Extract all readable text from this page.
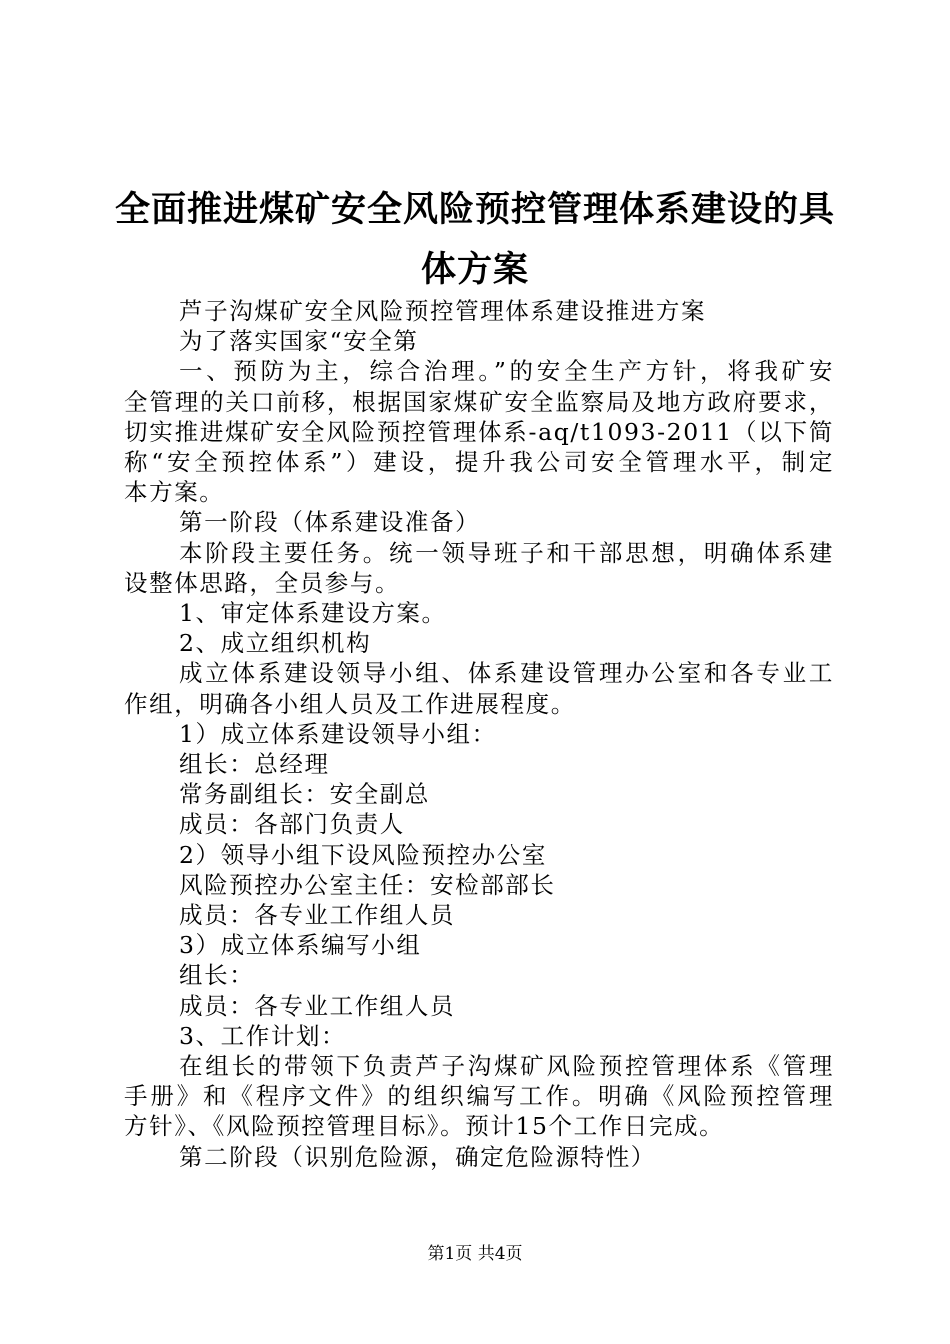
全面推进煤矿安全风险预控管理体系建设的具
体方案

芦子沟煤矿安全风险预控管理体系建设推进方案

为了落实国家“安全第

一、预防为主，综合治理。”的安全生产方针，将我矿安

全管理的关口前移，根据国家煤矿安全监察局及地方政府要求，

切实推进煤矿安全风险预控管理体系-aq/t1093-2011（以下简

称“安全预控体系”）建设，提升我公司安全管理水平，制定

本方案。

第一阶段（体系建设准备）

本阶段主要任务。统一领导班子和干部思想，明确体系建

设整体思路，全员参与。

1、审定体系建设方案。

2、成立组织机构

成立体系建设领导小组、体系建设管理办公室和各专业工

作组，明确各小组人员及工作进展程度。

1）成立体系建设领导小组：

组长：总经理

常务副组长：安全副总

成员：各部门负责人

2）领导小组下设风险预控办公室

风险预控办公室主任：安检部部长

成员：各专业工作组人员

3）成立体系编写小组

组长：

成员：各专业工作组人员

3、工作计划：

在组长的带领下负责芦子沟煤矿风险预控管理体系《管理

手册》和《程序文件》的组织编写工作。明确《风险预控管理

方针》、《风险预控管理目标》。预计15个工作日完成。

第二阶段（识别危险源，确定危险源特性）

第1页 共4页
